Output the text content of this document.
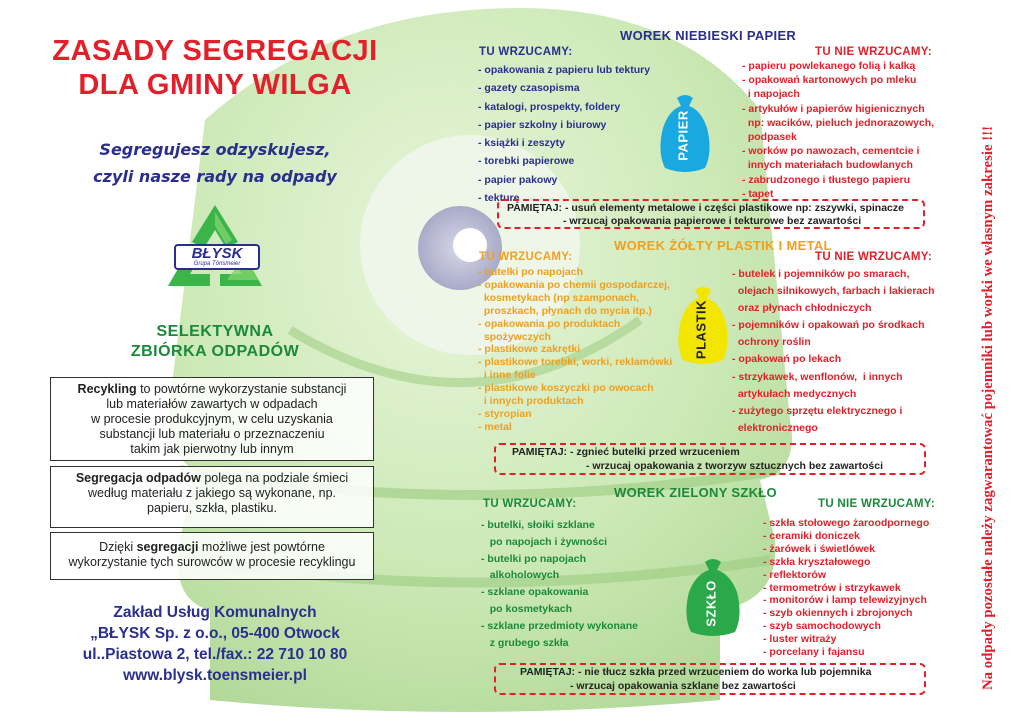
ZASADY SEGREGACJI
DLA GMINY WILGA
Segregujesz odzyskujesz,
czyli nasze rady na odpady
BŁYSK
Grupa Tönsmeier
SELEKTYWNA
ZBIÓRKA ODPADÓW
Recykling to powtórne wykorzystanie substancji
lub materiałów zawartych w odpadach
w procesie produkcyjnym, w celu uzyskania
substancji lub materiału o przeznaczeniu
takim jak pierwotny lub innym
Segregacja odpadów polega na podziale śmieci
według materiału z jakiego są wykonane, np.
papieru, szkła, plastiku.
Dzięki segregacji możliwe jest powtórne
wykorzystanie tych surowców w procesie recyklingu
Zakład Usług Komunalnych
„BŁYSK Sp. z o.o., 05-400 Otwock
ul..Piastowa 2, tel./fax.: 22 710 10 80
www.blysk.toensmeier.pl	Na odpady pozostałe należy zagwarantować pojemniki lub worki we własnym zakresie !!!
WOREK NIEBIESKI PAPIER
TU WRZUCAMY:	TU NIE WRZUCAMY:
- opakowania z papieru lub tektury
- gazety czasopisma
- katalogi, prospekty, foldery
- papier szkolny i biurowy
- książki i zeszyty
- torebki papierowe
- papier pakowy
- tekturę
- papieru powlekanego folią i kalką
- opakowań kartonowych po mleku
i napojach
- artykułów i papierów higienicznych
np: wacików, pieluch jednorazowych,
podpasek
- worków po nawozach, cementcie i
innych materiałach budowlanych
- zabrudzonego i tłustego papieru
- tapet
PAPIER
PAMIĘTAJ: - usuń elementy metalowe i części plastikowe np: zszywki, spinacze
- wrzucaj opakowania papierowe i tekturowe bez zawartości
WOREK ŻÓŁTY PLASTIK I METAL
TU WRZUCAMY:	TU NIE WRZUCAMY:
- butelki po napojach
- opakowania po chemii gospodarczej,
kosmetykach (np szamponach,
proszkach, płynach do mycia itp.)
- opakowania po produktach
spożywczych
- plastikowe zakrętki
- plastikowe torebki, worki, reklamówki
i inne folie
- plastikowe koszyczki po owocach
i innych produktach
- styropian
- metal
- butelek i pojemników po smarach,
olejach silnikowych, farbach i lakierach
oraz płynach chłodniczych
- pojemników i opakowań po środkach
ochrony roślin
- opakowań po lekach
- strzykawek, wenflonów,  i innych
artykułach medycznych
- zużytego sprzętu elektrycznego i
elektronicznego
PLASTIK
PAMIĘTAJ: - zgnieć butelki przed wrzuceniem
- wrzucaj opakowania z tworzyw sztucznych bez zawartości
WOREK ZIELONY SZKŁO
TU WRZUCAMY:	TU NIE WRZUCAMY:
- butelki, słoiki szklane
po napojach i żywności
- butelki po napojach
alkoholowych
- szklane opakowania
po kosmetykach
- szklane przedmioty wykonane
z grubego szkła
- szkła stołowego żaroodpornego
- ceramiki doniczek
- żarówek i świetlówek
- szkła kryształowego
- reflektorów
- termometrów i strzykawek
- monitorów i lamp telewizyjnych
- szyb okiennych i zbrojonych
- szyb samochodowych
- luster witraży
- porcelany i fajansu
SZKŁO
PAMIĘTAJ: - nie tłucz szkła przed wrzuceniem do worka lub pojemnika
- wrzucaj opakowania szklane bez zawartości
